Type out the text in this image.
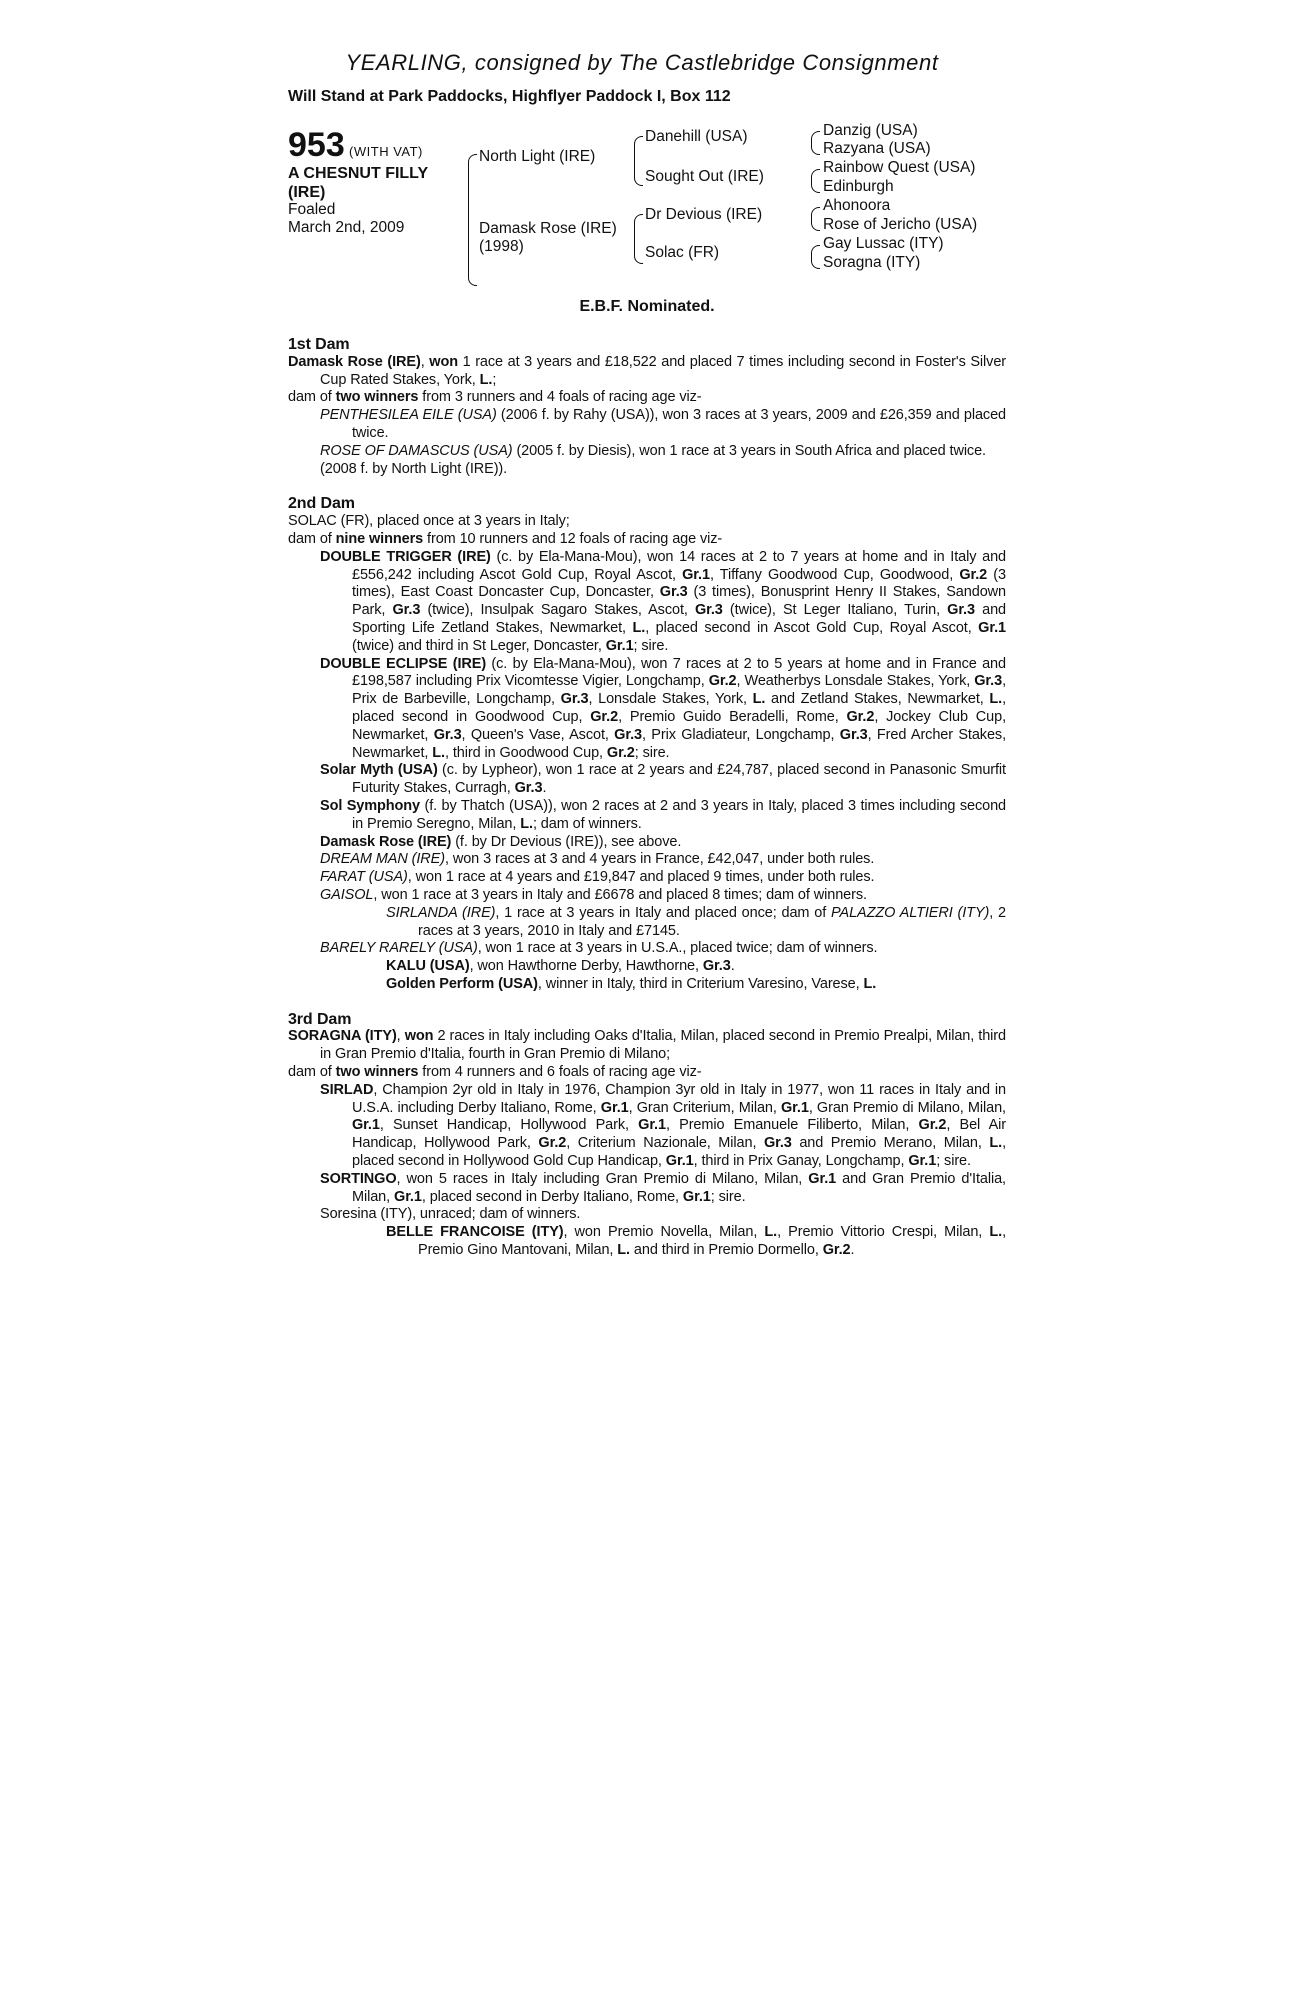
YEARLING, consigned by The Castlebridge Consignment
Will Stand at Park Paddocks, Highflyer Paddock I, Box 112
953 (WITH VAT)
A CHESNUT FILLY
(IRE)
Foaled
March 2nd, 2009
North Light (IRE)
Damask Rose (IRE)
(1998)
Danehill (USA)
Sought Out (IRE)
Dr Devious (IRE)
Solac (FR)
Danzig (USA)
Razyana (USA)
Rainbow Quest (USA)
Edinburgh
Ahonoora
Rose of Jericho (USA)
Gay Lussac (ITY)
Soragna (ITY)
E.B.F. Nominated.
1st Dam

Damask Rose (IRE), won 1 race at 3 years and £18,522 and placed 7 times including second in Foster's Silver Cup Rated Stakes, York, L.;

dam of two winners from 3 runners and 4 foals of racing age viz-

PENTHESILEA EILE (USA) (2006 f. by Rahy (USA)), won 3 races at 3 years, 2009 and £26,359 and placed twice.

ROSE OF DAMASCUS (USA) (2005 f. by Diesis), won 1 race at 3 years in South Africa and placed twice.

(2008 f. by North Light (IRE)).

2nd Dam

SOLAC (FR), placed once at 3 years in Italy;

dam of nine winners from 10 runners and 12 foals of racing age viz-

DOUBLE TRIGGER (IRE) (c. by Ela-Mana-Mou), won 14 races at 2 to 7 years at home and in Italy and £556,242 including Ascot Gold Cup, Royal Ascot, Gr.1, Tiffany Goodwood Cup, Goodwood, Gr.2 (3 times), East Coast Doncaster Cup, Doncaster, Gr.3 (3 times), Bonusprint Henry II Stakes, Sandown Park, Gr.3 (twice), Insulpak Sagaro Stakes, Ascot, Gr.3 (twice), St Leger Italiano, Turin, Gr.3 and Sporting Life Zetland Stakes, Newmarket, L., placed second in Ascot Gold Cup, Royal Ascot, Gr.1 (twice) and third in St Leger, Doncaster, Gr.1; sire.

DOUBLE ECLIPSE (IRE) (c. by Ela-Mana-Mou), won 7 races at 2 to 5 years at home and in France and £198,587 including Prix Vicomtesse Vigier, Longchamp, Gr.2, Weatherbys Lonsdale Stakes, York, Gr.3, Prix de Barbeville, Longchamp, Gr.3, Lonsdale Stakes, York, L. and Zetland Stakes, Newmarket, L., placed second in Goodwood Cup, Gr.2, Premio Guido Beradelli, Rome, Gr.2, Jockey Club Cup, Newmarket, Gr.3, Queen's Vase, Ascot, Gr.3, Prix Gladiateur, Longchamp, Gr.3, Fred Archer Stakes, Newmarket, L., third in Goodwood Cup, Gr.2; sire.

Solar Myth (USA) (c. by Lypheor), won 1 race at 2 years and £24,787, placed second in Panasonic Smurfit Futurity Stakes, Curragh, Gr.3.

Sol Symphony (f. by Thatch (USA)), won 2 races at 2 and 3 years in Italy, placed 3 times including second in Premio Seregno, Milan, L.; dam of winners.

Damask Rose (IRE) (f. by Dr Devious (IRE)), see above.

DREAM MAN (IRE), won 3 races at 3 and 4 years in France, £42,047, under both rules.

FARAT (USA), won 1 race at 4 years and £19,847 and placed 9 times, under both rules.

GAISOL, won 1 race at 3 years in Italy and £6678 and placed 8 times; dam of winners.

SIRLANDA (IRE), 1 race at 3 years in Italy and placed once; dam of PALAZZO ALTIERI (ITY), 2 races at 3 years, 2010 in Italy and £7145.

BARELY RARELY (USA), won 1 race at 3 years in U.S.A., placed twice; dam of winners.

KALU (USA), won Hawthorne Derby, Hawthorne, Gr.3.

Golden Perform (USA), winner in Italy, third in Criterium Varesino, Varese, L.

3rd Dam

SORAGNA (ITY), won 2 races in Italy including Oaks d'Italia, Milan, placed second in Premio Prealpi, Milan, third in Gran Premio d'Italia, fourth in Gran Premio di Milano;

dam of two winners from 4 runners and 6 foals of racing age viz-

SIRLAD, Champion 2yr old in Italy in 1976, Champion 3yr old in Italy in 1977, won 11 races in Italy and in U.S.A. including Derby Italiano, Rome, Gr.1, Gran Criterium, Milan, Gr.1, Gran Premio di Milano, Milan, Gr.1, Sunset Handicap, Hollywood Park, Gr.1, Premio Emanuele Filiberto, Milan, Gr.2, Bel Air Handicap, Hollywood Park, Gr.2, Criterium Nazionale, Milan, Gr.3 and Premio Merano, Milan, L., placed second in Hollywood Gold Cup Handicap, Gr.1, third in Prix Ganay, Longchamp, Gr.1; sire.

SORTINGO, won 5 races in Italy including Gran Premio di Milano, Milan, Gr.1 and Gran Premio d'Italia, Milan, Gr.1, placed second in Derby Italiano, Rome, Gr.1; sire.

Soresina (ITY), unraced; dam of winners.

BELLE FRANCOISE (ITY), won Premio Novella, Milan, L., Premio Vittorio Crespi, Milan, L., Premio Gino Mantovani, Milan, L. and third in Premio Dormello, Gr.2.
